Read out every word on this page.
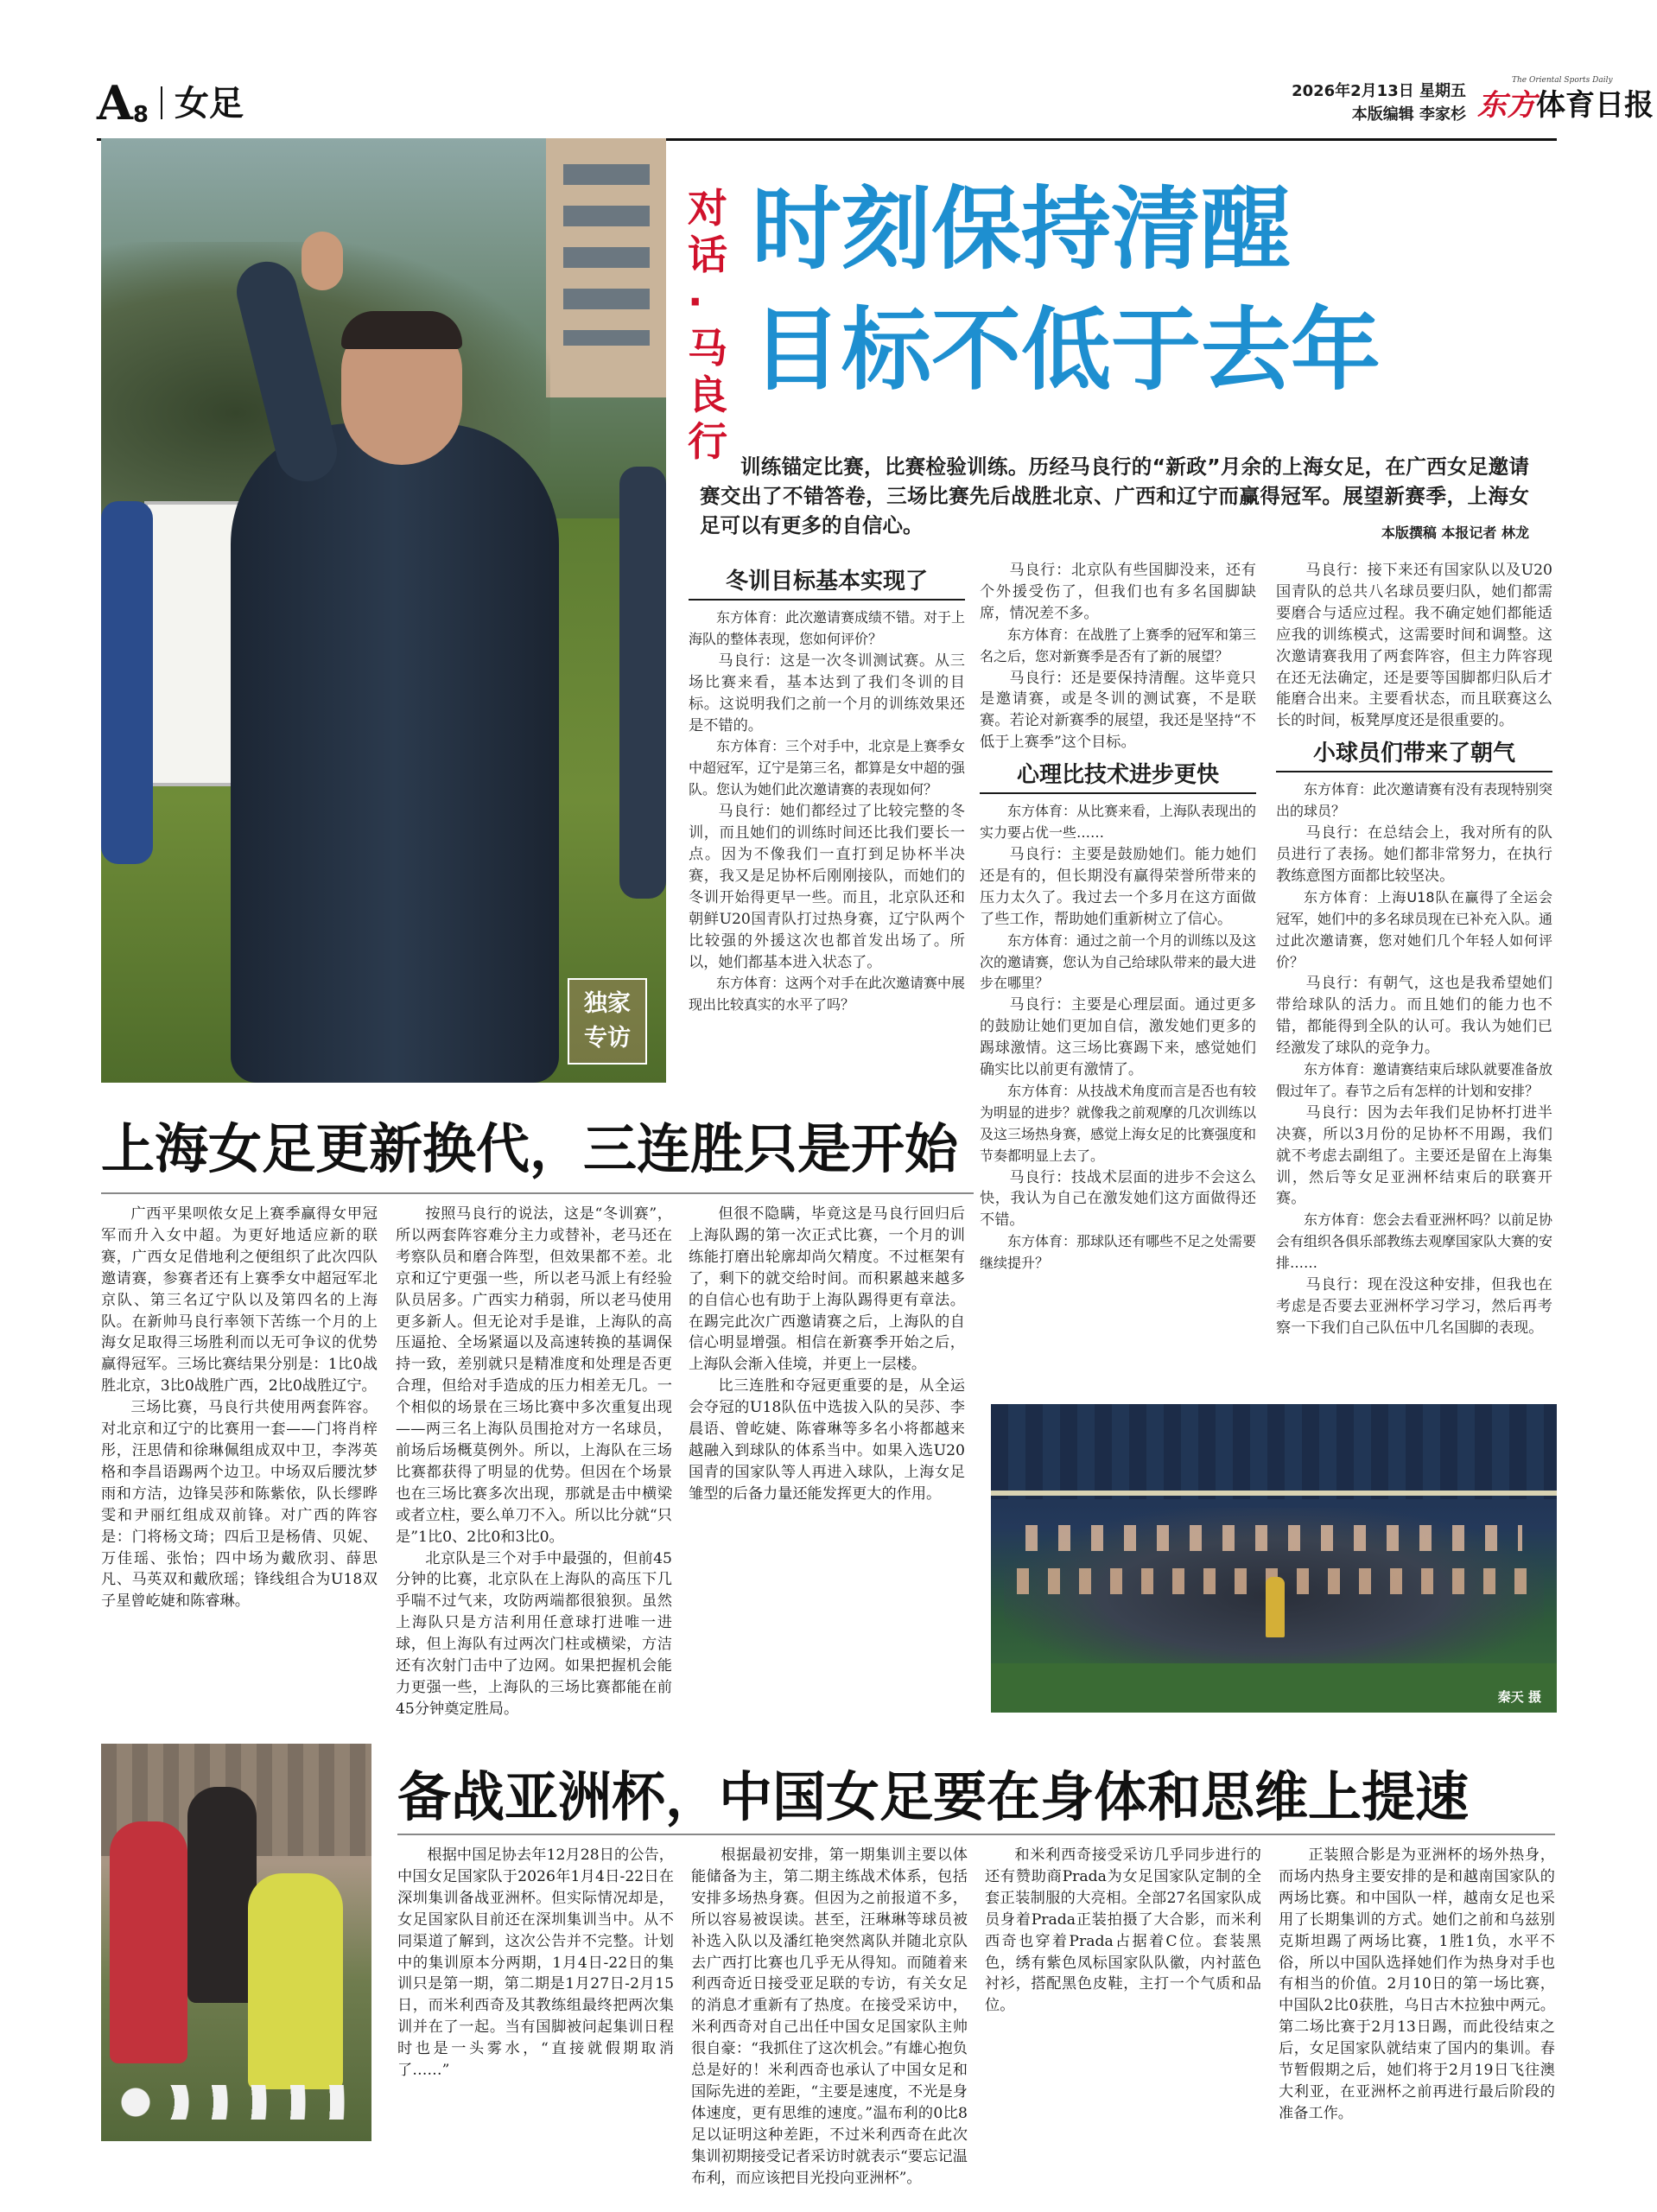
A 8 女足	2026年2月13日 星期五
本版编辑 李家杉
The Oriental Sports Daily
东方体育日报
独家专访
对话·马良行
时刻保持清醒
目标不低于去年
训练锚定比赛，比赛检验训练。历经马良行的“新政”月余的上海女足，在广西女足邀请赛交出了不错答卷，三场比赛先后战胜北京、广西和辽宁而赢得冠军。展望新赛季，上海女足可以有更多的自信心。	本版撰稿 本报记者 林龙
冬训目标基本实现了

东方体育：此次邀请赛成绩不错。对于上海队的整体表现，您如何评价？

马良行：这是一次冬训测试赛。从三场比赛来看，基本达到了我们冬训的目标。这说明我们之前一个月的训练效果还是不错的。

东方体育：三个对手中，北京是上赛季女中超冠军，辽宁是第三名，都算是女中超的强队。您认为她们此次邀请赛的表现如何？

马良行：她们都经过了比较完整的冬训，而且她们的训练时间还比我们要长一点。因为不像我们一直打到足协杯半决赛，我又是足协杯后刚刚接队，而她们的冬训开始得更早一些。而且，北京队还和朝鲜U20国青队打过热身赛，辽宁队两个比较强的外援这次也都首发出场了。所以，她们都基本进入状态了。

东方体育：这两个对手在此次邀请赛中展现出比较真实的水平了吗？

马良行：北京队有些国脚没来，还有个外援受伤了，但我们也有多名国脚缺席，情况差不多。

东方体育：在战胜了上赛季的冠军和第三名之后，您对新赛季是否有了新的展望？

马良行：还是要保持清醒。这毕竟只是邀请赛，或是冬训的测试赛，不是联赛。若论对新赛季的展望，我还是坚持“不低于上赛季”这个目标。

心理比技术进步更快

东方体育：从比赛来看，上海队表现出的实力要占优一些……

马良行：主要是鼓励她们。能力她们还是有的，但长期没有赢得荣誉所带来的压力太久了。我过去一个多月在这方面做了些工作，帮助她们重新树立了信心。

东方体育：通过之前一个月的训练以及这次的邀请赛，您认为自己给球队带来的最大进步在哪里？

马良行：主要是心理层面。通过更多的鼓励让她们更加自信，激发她们更多的踢球激情。这三场比赛踢下来，感觉她们确实比以前更有激情了。

东方体育：从技战术角度而言是否也有较为明显的进步？就像我之前观摩的几次训练以及这三场热身赛，感觉上海女足的比赛强度和节奏都明显上去了。

马良行：技战术层面的进步不会这么快，我认为自己在激发她们这方面做得还不错。

东方体育：那球队还有哪些不足之处需要继续提升？

马良行：接下来还有国家队以及U20国青队的总共八名球员要归队，她们都需要磨合与适应过程。我不确定她们都能适应我的训练模式，这需要时间和调整。这次邀请赛我用了两套阵容，但主力阵容现在还无法确定，还是要等国脚都归队后才能磨合出来。主要看状态，而且联赛这么长的时间，板凳厚度还是很重要的。

小球员们带来了朝气

东方体育：此次邀请赛有没有表现特别突出的球员？

马良行：在总结会上，我对所有的队员进行了表扬。她们都非常努力，在执行教练意图方面都比较坚决。

东方体育：上海U18队在赢得了全运会冠军，她们中的多名球员现在已补充入队。通过此次邀请赛，您对她们几个年轻人如何评价？

马良行：有朝气，这也是我希望她们带给球队的活力。而且她们的能力也不错，都能得到全队的认可。我认为她们已经激发了球队的竞争力。

东方体育：邀请赛结束后球队就要准备放假过年了。春节之后有怎样的计划和安排？

马良行：因为去年我们足协杯打进半决赛，所以3月份的足协杯不用踢，我们就不考虑去副组了。主要还是留在上海集训，然后等女足亚洲杯结束后的联赛开赛。

东方体育：您会去看亚洲杯吗？以前足协会有组织各俱乐部教练去观摩国家队大赛的安排……

马良行：现在没这种安排，但我也在考虑是否要去亚洲杯学习学习，然后再考察一下我们自己队伍中几名国脚的表现。

上海女足更新换代，三连胜只是开始

广西平果呗侬女足上赛季赢得女甲冠军而升入女中超。为更好地适应新的联赛，广西女足借地利之便组织了此次四队邀请赛，参赛者还有上赛季女中超冠军北京队、第三名辽宁队以及第四名的上海队。在新帅马良行率领下苦练一个月的上海女足取得三场胜利而以无可争议的优势赢得冠军。三场比赛结果分别是：1比0战胜北京，3比0战胜广西，2比0战胜辽宁。

三场比赛，马良行共使用两套阵容。对北京和辽宁的比赛用一套——门将肖梓彤，汪思倩和徐琳佩组成双中卫，李涔英格和李昌语踢两个边卫。中场双后腰沈梦雨和方洁，边锋吴莎和陈紫依，队长缪晔雯和尹丽红组成双前锋。对广西的阵容是：门将杨文琦；四后卫是杨倩、贝妮、万佳瑶、张怡；四中场为戴欣羽、薛思凡、马英双和戴欣瑶；锋线组合为U18双子星曾屹婕和陈睿琳。

按照马良行的说法，这是“冬训赛”，所以两套阵容难分主力或替补，老马还在考察队员和磨合阵型，但效果都不差。北京和辽宁更强一些，所以老马派上有经验队员居多。广西实力稍弱，所以老马使用更多新人。但无论对手是谁，上海队的高压逼抢、全场紧逼以及高速转换的基调保持一致，差别就只是精准度和处理是否更合理，但给对手造成的压力相差无几。一个相似的场景在三场比赛中多次重复出现——两三名上海队员围抢对方一名球员，前场后场概莫例外。所以，上海队在三场比赛都获得了明显的优势。但因在个场景也在三场比赛多次出现，那就是击中横梁或者立柱，要么单刀不入。所以比分就“只是”1比0、2比0和3比0。

北京队是三个对手中最强的，但前45分钟的比赛，北京队在上海队的高压下几乎喘不过气来，攻防两端都很狼狈。虽然上海队只是方洁利用任意球打进唯一进球，但上海队有过两次门柱或横梁，方洁还有次射门击中了边网。如果把握机会能力更强一些，上海队的三场比赛都能在前45分钟奠定胜局。

但很不隐瞒，毕竟这是马良行回归后上海队踢的第一次正式比赛，一个月的训练能打磨出轮廓却尚欠精度。不过框架有了，剩下的就交给时间。而积累越来越多的自信心也有助于上海队踢得更有章法。在踢完此次广西邀请赛之后，上海队的自信心明显增强。相信在新赛季开始之后，上海队会渐入佳境，并更上一层楼。

比三连胜和夺冠更重要的是，从全运会夺冠的U18队伍中选拔入队的吴莎、李晨语、曾屹婕、陈睿琳等多名小将都越来越融入到球队的体系当中。如果入选U20国青的国家队等人再进入球队，上海女足雏型的后备力量还能发挥更大的作用。

秦天 摄
备战亚洲杯，中国女足要在身体和思维上提速

根据中国足协去年12月28日的公告，中国女足国家队于2026年1月4日-22日在深圳集训备战亚洲杯。但实际情况却是，女足国家队目前还在深圳集训当中。从不同渠道了解到，这次公告并不完整。计划中的集训原本分两期，1月4日-22日的集训只是第一期，第二期是1月27日-2月15日，而米利西奇及其教练组最终把两次集训并在了一起。当有国脚被问起集训日程时也是一头雾水，“直接就假期取消了……”

根据最初安排，第一期集训主要以体能储备为主，第二期主练战术体系，包括安排多场热身赛。但因为之前报道不多，所以容易被误读。甚至，汪琳琳等球员被补选入队以及潘红艳突然离队并随北京队去广西打比赛也几乎无从得知。而随着来利西奇近日接受亚足联的专访，有关女足的消息才重新有了热度。在接受采访中，米利西奇对自己出任中国女足国家队主帅很自豪：“我抓住了这次机会。”有雄心抱负总是好的！米利西奇也承认了中国女足和国际先进的差距，“主要是速度，不光是身体速度，更有思维的速度。”温布利的0比8足以证明这种差距，不过米利西奇在此次集训初期接受记者采访时就表示“要忘记温布利，而应该把目光投向亚洲杯”。

和米利西奇接受采访几乎同步进行的还有赞助商Prada为女足国家队定制的全套正装制服的大亮相。全部27名国家队成员身着Prada正装拍摄了大合影，而米利西奇也穿着Prada占据着C位。套装黑色，绣有紫色凤标国家队队徽，内衬蓝色衬衫，搭配黑色皮鞋，主打一个气质和品位。

正装照合影是为亚洲杯的场外热身，而场内热身主要安排的是和越南国家队的两场比赛。和中国队一样，越南女足也采用了长期集训的方式。她们之前和乌兹别克斯坦踢了两场比赛，1胜1负，水平不俗，所以中国队选择她们作为热身对手也有相当的价值。2月10日的第一场比赛，中国队2比0获胜，乌日古木拉独中两元。第二场比赛于2月13日踢，而此役结束之后，女足国家队就结束了国内的集训。春节暂假期之后，她们将于2月19日飞往澳大利亚，在亚洲杯之前再进行最后阶段的准备工作。
